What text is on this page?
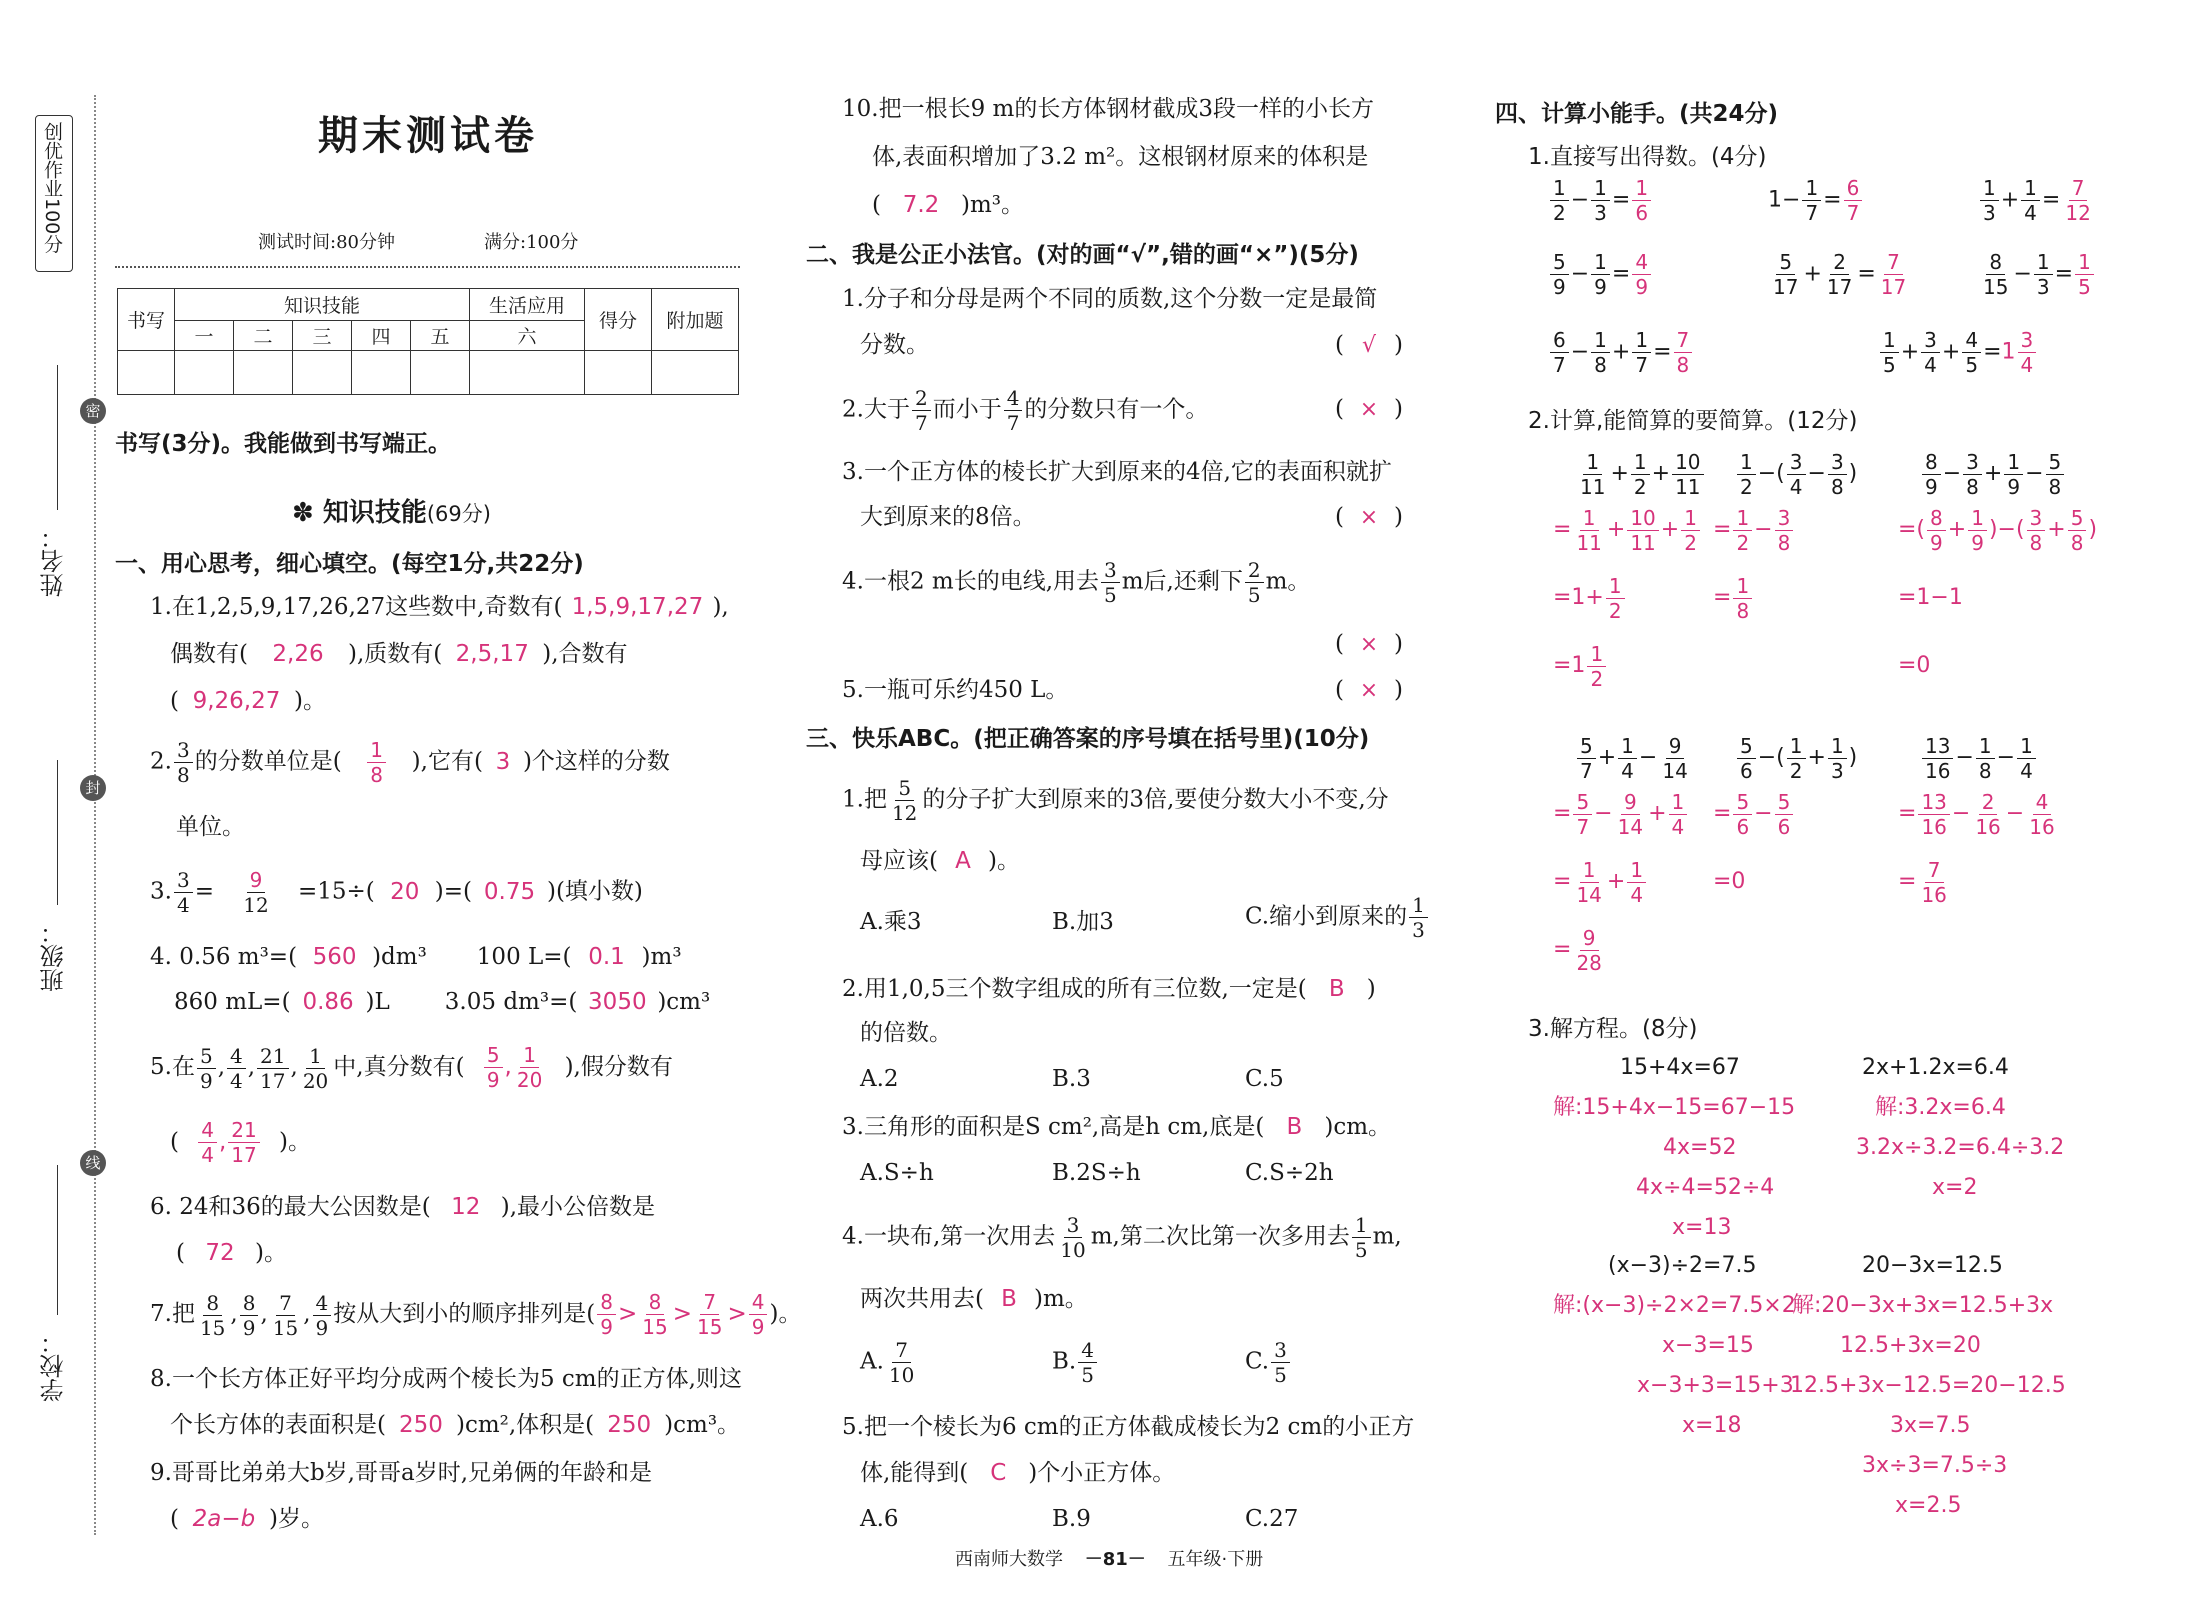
创优作业100分
密
封
线
姓名：
班级：
学校：
期末测试卷
测试时间:80分钟	满分:100分
书写	知识技能					生活应用	得分	附加题
	一	二	三	四	五	六		

书写(3分)。我能做到书写端正。
✽ 知识技能(69分)
一、用心思考，细心填空。(每空1分,共22分)
1.在1,2,5,9,17,26,27这些数中,奇数有( 1,5,9,17,27 ),
偶数有( 2,26 ),质数有( 2,5,17 ),合数有
( 9,26,27 )。
2. $\frac{3}{8}$ 的分数单位是( $\frac{1}{8}$ ),它有( 3 )个这样的分数
单位。
3. $\frac{3}{4} = \frac{9}{12} =15\div$( 20 )=( 0.75 )(填小数)
4. 0.56 m³=( 560 )dm³ 100 L=( 0.1 )m³
860 mL=( 0.86 )L 3.05 dm³=( 3050 )cm³
5.在 $\frac{5}{9}$ , $\frac{4}{4}$ , $\frac{21}{17}$ , $\frac{1}{20}$ 中,真分数有( $\frac{5}{9}$ , $\frac{1}{20}$ ),假分数有
( $\frac{4}{4}$ , $\frac{21}{17}$ )。
6. 24和36的最大公因数是( 12 ),最小公倍数是
( 72 )。
7.把 $\frac{8}{15}$ , $\frac{8}{9}$ , $\frac{7}{15}$ , $\frac{4}{9}$ 按从大到小的顺序排列是( $\frac{8}{9} > \frac{8}{15} > \frac{7}{15} > \frac{4}{9}$ )。
8.一个长方体正好平均分成两个棱长为5 cm的正方体,则这
个长方体的表面积是( 250 )cm²,体积是( 250 )cm³。
9.哥哥比弟弟大b岁,哥哥a岁时,兄弟俩的年龄和是
( 2a−b )岁。
10.把一根长9 m的长方体钢材截成3段一样的小长方
体,表面积增加了3.2 m²。这根钢材原来的体积是
( 7.2 )m³。
二、我是公正小法官。(对的画“√”,错的画“×”)(5分)
1.分子和分母是两个不同的质数,这个分数一定是最简
分数。	( √ )
2.大于 $\frac{2}{7}$ 而小于 $\frac{4}{7}$ 的分数只有一个。	( × )
3.一个正方体的棱长扩大到原来的4倍,它的表面积就扩
大到原来的8倍。	( × )
4.一根2 m长的电线,用去 $\frac{3}{5}$ m后,还剩下 $\frac{2}{5}$ m。
( × )
5.一瓶可乐约450 L。	( × )
三、快乐ABC。(把正确答案的序号填在括号里)(10分)
1.把 $\frac{5}{12}$ 的分子扩大到原来的3倍,要使分数大小不变,分
母应该( A )。
A.乘3	B.加3	C.缩小到原来的 $\frac{1}{3}$
2.用1,0,5三个数字组成的所有三位数,一定是( B )
的倍数。
A.2	B.3	C.5
3.三角形的面积是S cm²,高是h cm,底是( B )cm。
A.S÷h	B.2S÷h	C.S÷2h
4.一块布,第一次用去 $\frac{3}{10} m$,第二次比第一次多用去 $\frac{1}{5} m$,
两次共用去( B )m。
A. $\frac{7}{10}$	B. $\frac{4}{5}$	C. $\frac{3}{5}$
5.把一个棱长为6 cm的正方体截成棱长为2 cm的小正方
体,能得到( C )个小正方体。
A.6	B.9	C.27
西南师大数学 －81－ 五年级·下册
四、计算小能手。(共24分)
1.直接写出得数。(4分)
$\frac{1}{2} - \frac{1}{3} = \frac{1}{6}$	$1- \frac{1}{7} = \frac{6}{7}$	$\frac{1}{3} + \frac{1}{4} = \frac{7}{12}$
$\frac{5}{9} - \frac{1}{9} = \frac{4}{9}$	$\frac{5}{17} + \frac{2}{17} = \frac{7}{17}$	$\frac{8}{15} - \frac{1}{3} = \frac{1}{5}$
$\frac{6}{7} - \frac{1}{8} + \frac{1}{7} = \frac{7}{8}$	$\frac{1}{5} + \frac{3}{4} + \frac{4}{5} =1 \frac{3}{4}$
2.计算,能简算的要简算。(12分)
$\frac{1}{11} + \frac{1}{2} + \frac{10}{11}$
= $\frac{1}{11} + \frac{10}{11} + \frac{1}{2}$
$=1+ \frac{1}{2}$
$=1 \frac{1}{2}$
$\frac{1}{2}$ −( $\frac{3}{4} - \frac{3}{8}$ )
= $\frac{1}{2} - \frac{3}{8}$
= $\frac{1}{8}$
$\frac{8}{9} - \frac{3}{8} + \frac{1}{9} - \frac{5}{8}$
=( $\frac{8}{9} + \frac{1}{9}$ )−( $\frac{3}{8} + \frac{5}{8}$ )
=1−1
=0
$\frac{5}{7} + \frac{1}{4} - \frac{9}{14}$
= $\frac{5}{7} - \frac{9}{14} + \frac{1}{4}$
= $\frac{1}{14} + \frac{1}{4}$
= $\frac{9}{28}$
$\frac{5}{6}$ −( $\frac{1}{2} + \frac{1}{3}$ )
= $\frac{5}{6} - \frac{5}{6}$
=0
$\frac{13}{16} - \frac{1}{8} - \frac{1}{4}$
= $\frac{13}{16} - \frac{2}{16} - \frac{4}{16}$
= $\frac{7}{16}$
3.解方程。(8分)
15+4x=67
解:15+4x−15=67−15
4x=52
4x÷4=52÷4
x=13
2x+1.2x=6.4
解:3.2x=6.4
3.2x÷3.2=6.4÷3.2
x=2
(x−3)÷2=7.5
解:(x−3)÷2×2=7.5×2
x−3=15
x−3+3=15+3
x=18
20−3x=12.5
解:20−3x+3x=12.5+3x
12.5+3x=20
12.5+3x−12.5=20−12.5
3x=7.5
3x÷3=7.5÷3
x=2.5
